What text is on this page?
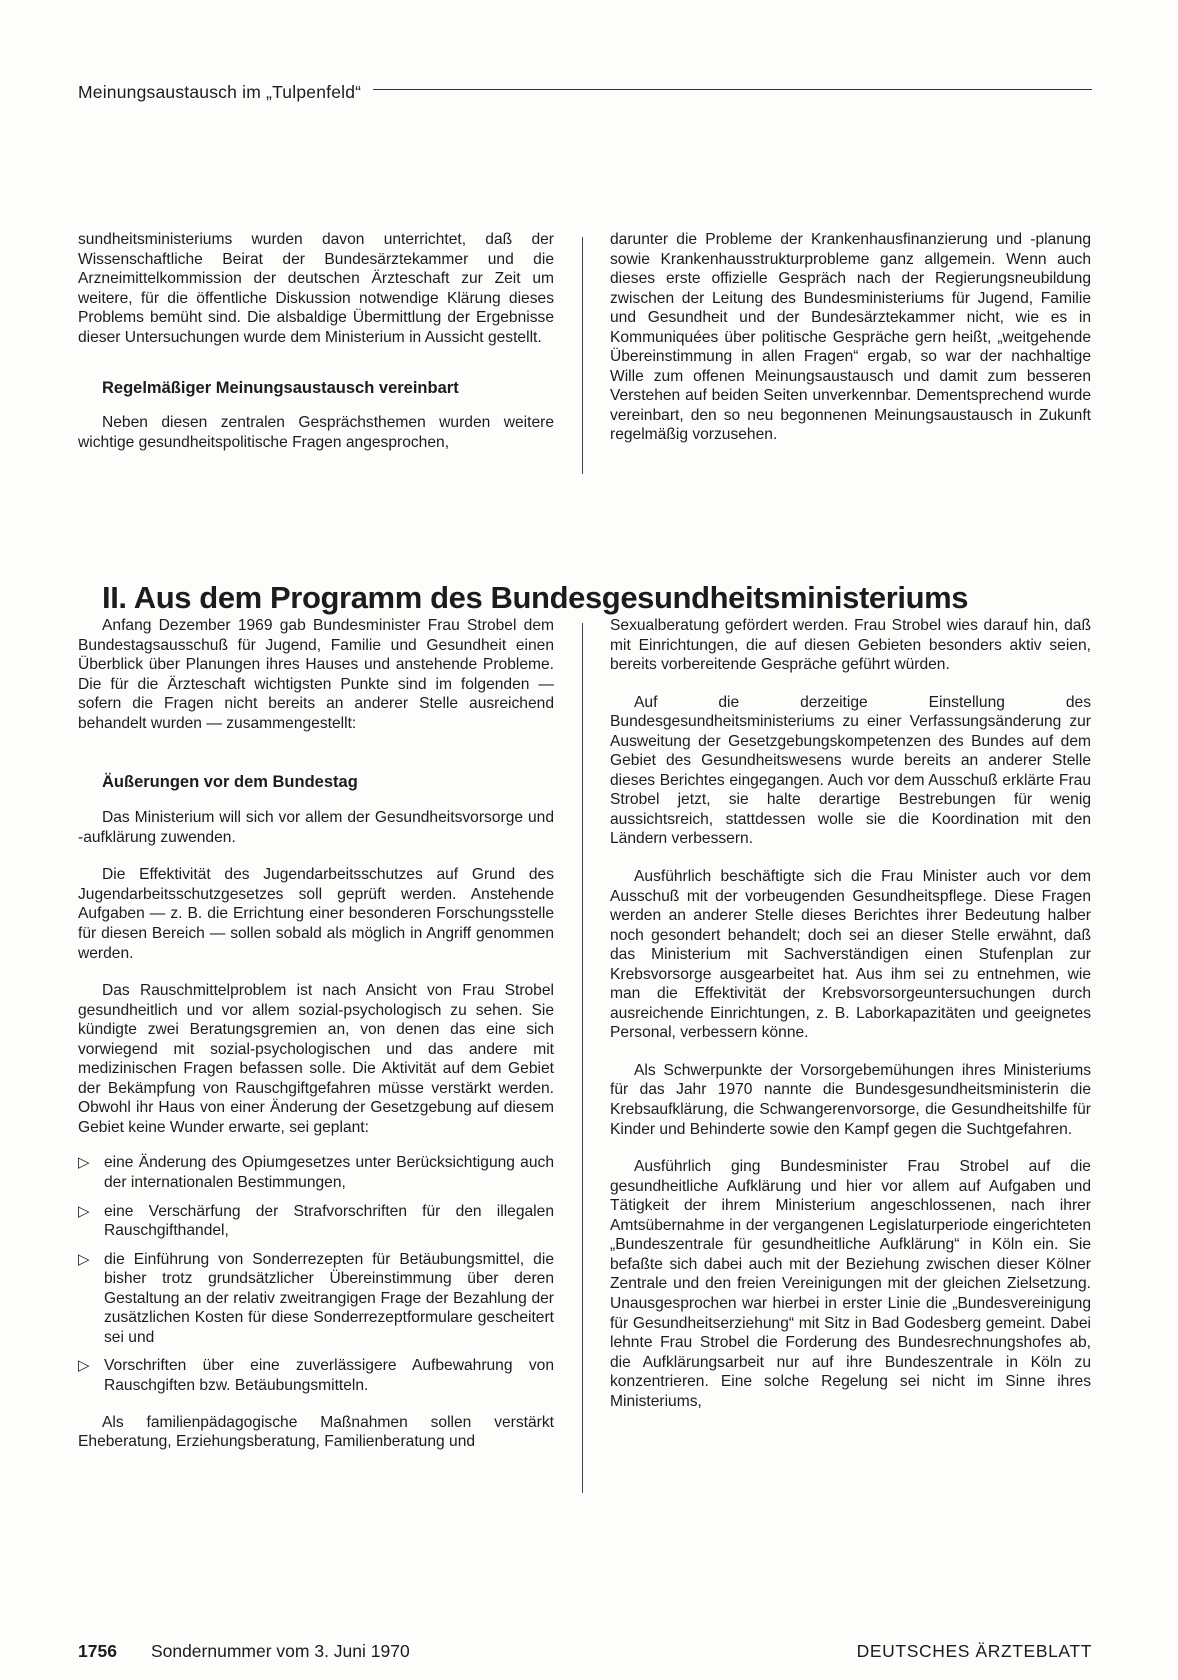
Meinungsaustausch im „Tulpenfeld“

sundheitsministeriums wurden davon unterrichtet, daß der Wissenschaftliche Beirat der Bundesärztekammer und die Arzneimittelkommission der deutschen Ärzteschaft zur Zeit um weitere, für die öffentliche Diskussion notwendige Klärung dieses Problems bemüht sind. Die alsbaldige Übermittlung der Ergebnisse dieser Untersuchungen wurde dem Ministerium in Aussicht gestellt.

Regelmäßiger Meinungsaustausch vereinbart

Neben diesen zentralen Gesprächsthemen wurden weitere wichtige gesundheitspolitische Fragen angesprochen,

darunter die Probleme der Krankenhausfinanzierung und -planung sowie Krankenhausstrukturprobleme ganz allgemein. Wenn auch dieses erste offizielle Gespräch nach der Regierungsneubildung zwischen der Leitung des Bundesministeriums für Jugend, Familie und Gesundheit und der Bundesärztekammer nicht, wie es in Kommuniquées über politische Gespräche gern heißt, „weitgehende Übereinstimmung in allen Fragen“ ergab, so war der nachhaltige Wille zum offenen Meinungsaustausch und damit zum besseren Verstehen auf beiden Seiten unverkennbar. Dementsprechend wurde vereinbart, den so neu begonnenen Meinungsaustausch in Zukunft regelmäßig vorzusehen.

II. Aus dem Programm des Bundesgesundheitsministeriums

Anfang Dezember 1969 gab Bundesminister Frau Strobel dem Bundestagsausschuß für Jugend, Familie und Gesundheit einen Überblick über Planungen ihres Hauses und anstehende Probleme. Die für die Ärzteschaft wichtigsten Punkte sind im folgenden — sofern die Fragen nicht bereits an anderer Stelle ausreichend behandelt wurden — zusammengestellt:

Äußerungen vor dem Bundestag

Das Ministerium will sich vor allem der Gesundheitsvorsorge und -aufklärung zuwenden.

Die Effektivität des Jugendarbeitsschutzes auf Grund des Jugendarbeitsschutzgesetzes soll geprüft werden. Anstehende Aufgaben — z. B. die Errichtung einer besonderen Forschungsstelle für diesen Bereich — sollen sobald als möglich in Angriff genommen werden.

Das Rauschmittelproblem ist nach Ansicht von Frau Strobel gesundheitlich und vor allem sozial-psychologisch zu sehen. Sie kündigte zwei Beratungsgremien an, von denen das eine sich vorwiegend mit sozial-psychologischen und das andere mit medizinischen Fragen befassen solle. Die Aktivität auf dem Gebiet der Bekämpfung von Rauschgiftgefahren müsse verstärkt werden. Obwohl ihr Haus von einer Änderung der Gesetzgebung auf diesem Gebiet keine Wunder erwarte, sei geplant:

▷ eine Änderung des Opiumgesetzes unter Berücksichtigung auch der internationalen Bestimmungen,
▷ eine Verschärfung der Strafvorschriften für den illegalen Rauschgifthandel,
▷ die Einführung von Sonderrezepten für Betäubungsmittel, die bisher trotz grundsätzlicher Übereinstimmung über deren Gestaltung an der relativ zweitrangigen Frage der Bezahlung der zusätzlichen Kosten für diese Sonderrezeptformulare gescheitert sei und
▷ Vorschriften über eine zuverlässigere Aufbewahrung von Rauschgiften bzw. Betäubungsmitteln.

Als familienpädagogische Maßnahmen sollen verstärkt Eheberatung, Erziehungsberatung, Familienberatung und

Sexualberatung gefördert werden. Frau Strobel wies darauf hin, daß mit Einrichtungen, die auf diesen Gebieten besonders aktiv seien, bereits vorbereitende Gespräche geführt würden.

Auf die derzeitige Einstellung des Bundesgesundheitsministeriums zu einer Verfassungsänderung zur Ausweitung der Gesetzgebungskompetenzen des Bundes auf dem Gebiet des Gesundheitswesens wurde bereits an anderer Stelle dieses Berichtes eingegangen. Auch vor dem Ausschuß erklärte Frau Strobel jetzt, sie halte derartige Bestrebungen für wenig aussichtsreich, stattdessen wolle sie die Koordination mit den Ländern verbessern.

Ausführlich beschäftigte sich die Frau Minister auch vor dem Ausschuß mit der vorbeugenden Gesundheitspflege. Diese Fragen werden an anderer Stelle dieses Berichtes ihrer Bedeutung halber noch gesondert behandelt; doch sei an dieser Stelle erwähnt, daß das Ministerium mit Sachverständigen einen Stufenplan zur Krebsvorsorge ausgearbeitet hat. Aus ihm sei zu entnehmen, wie man die Effektivität der Krebsvorsorgeuntersuchungen durch ausreichende Einrichtungen, z. B. Laborkapazitäten und geeignetes Personal, verbessern könne.

Als Schwerpunkte der Vorsorgebemühungen ihres Ministeriums für das Jahr 1970 nannte die Bundesgesundheitsministerin die Krebsaufklärung, die Schwangerenvorsorge, die Gesundheitshilfe für Kinder und Behinderte sowie den Kampf gegen die Suchtgefahren.

Ausführlich ging Bundesminister Frau Strobel auf die gesundheitliche Aufklärung und hier vor allem auf Aufgaben und Tätigkeit der ihrem Ministerium angeschlossenen, nach ihrer Amtsübernahme in der vergangenen Legislaturperiode eingerichteten „Bundeszentrale für gesundheitliche Aufklärung“ in Köln ein. Sie befaßte sich dabei auch mit der Beziehung zwischen dieser Kölner Zentrale und den freien Vereinigungen mit der gleichen Zielsetzung. Unausgesprochen war hierbei in erster Linie die „Bundesvereinigung für Gesundheitserziehung“ mit Sitz in Bad Godesberg gemeint. Dabei lehnte Frau Strobel die Forderung des Bundesrechnungshofes ab, die Aufklärungsarbeit nur auf ihre Bundeszentrale in Köln zu konzentrieren. Eine solche Regelung sei nicht im Sinne ihres Ministeriums,

1756 Sondernummer vom 3. Juni 1970	DEUTSCHES ÄRZTEBLATT
